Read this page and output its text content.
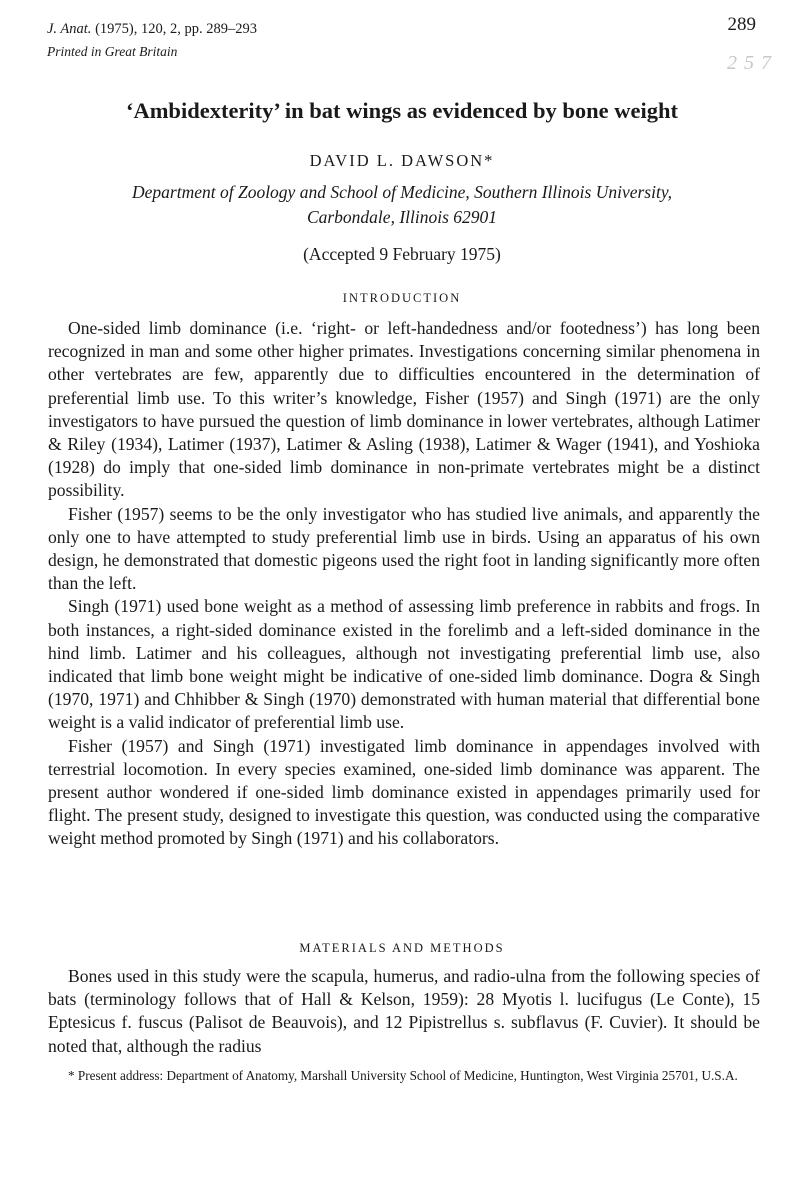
J. Anat. (1975), 120, 2, pp. 289–293
Printed in Great Britain
289
2 5 7
‘Ambidexterity’ in bat wings as evidenced by bone weight
DAVID L. DAWSON*
Department of Zoology and School of Medicine, Southern Illinois University,
Carbondale, Illinois 62901
(Accepted 9 February 1975)
INTRODUCTION

One-sided limb dominance (i.e. ‘right- or left-handedness and/or footedness’) has long been recognized in man and some other higher primates. Investigations concerning similar phenomena in other vertebrates are few, apparently due to difficulties encountered in the determination of preferential limb use. To this writer’s knowledge, Fisher (1957) and Singh (1971) are the only investigators to have pursued the question of limb dominance in lower vertebrates, although Latimer & Riley (1934), Latimer (1937), Latimer & Asling (1938), Latimer & Wager (1941), and Yoshioka (1928) do imply that one-sided limb dominance in non-primate vertebrates might be a distinct possibility.

Fisher (1957) seems to be the only investigator who has studied live animals, and apparently the only one to have attempted to study preferential limb use in birds. Using an apparatus of his own design, he demonstrated that domestic pigeons used the right foot in landing significantly more often than the left.

Singh (1971) used bone weight as a method of assessing limb preference in rabbits and frogs. In both instances, a right-sided dominance existed in the forelimb and a left-sided dominance in the hind limb. Latimer and his colleagues, although not investigating preferential limb use, also indicated that limb bone weight might be indicative of one-sided limb dominance. Dogra & Singh (1970, 1971) and Chhibber & Singh (1970) demonstrated with human material that differential bone weight is a valid indicator of preferential limb use.

Fisher (1957) and Singh (1971) investigated limb dominance in appendages involved with terrestrial locomotion. In every species examined, one-sided limb dominance was apparent. The present author wondered if one-sided limb dominance existed in appendages primarily used for flight. The present study, designed to investigate this question, was conducted using the comparative weight method promoted by Singh (1971) and his collaborators.

MATERIALS AND METHODS

Bones used in this study were the scapula, humerus, and radio-ulna from the following species of bats (terminology follows that of Hall & Kelson, 1959): 28 Myotis l. lucifugus (Le Conte), 15 Eptesicus f. fuscus (Palisot de Beauvois), and 12 Pipistrellus s. subflavus (F. Cuvier). It should be noted that, although the radius

* Present address: Department of Anatomy, Marshall University School of Medicine, Huntington, West Virginia 25701, U.S.A.
